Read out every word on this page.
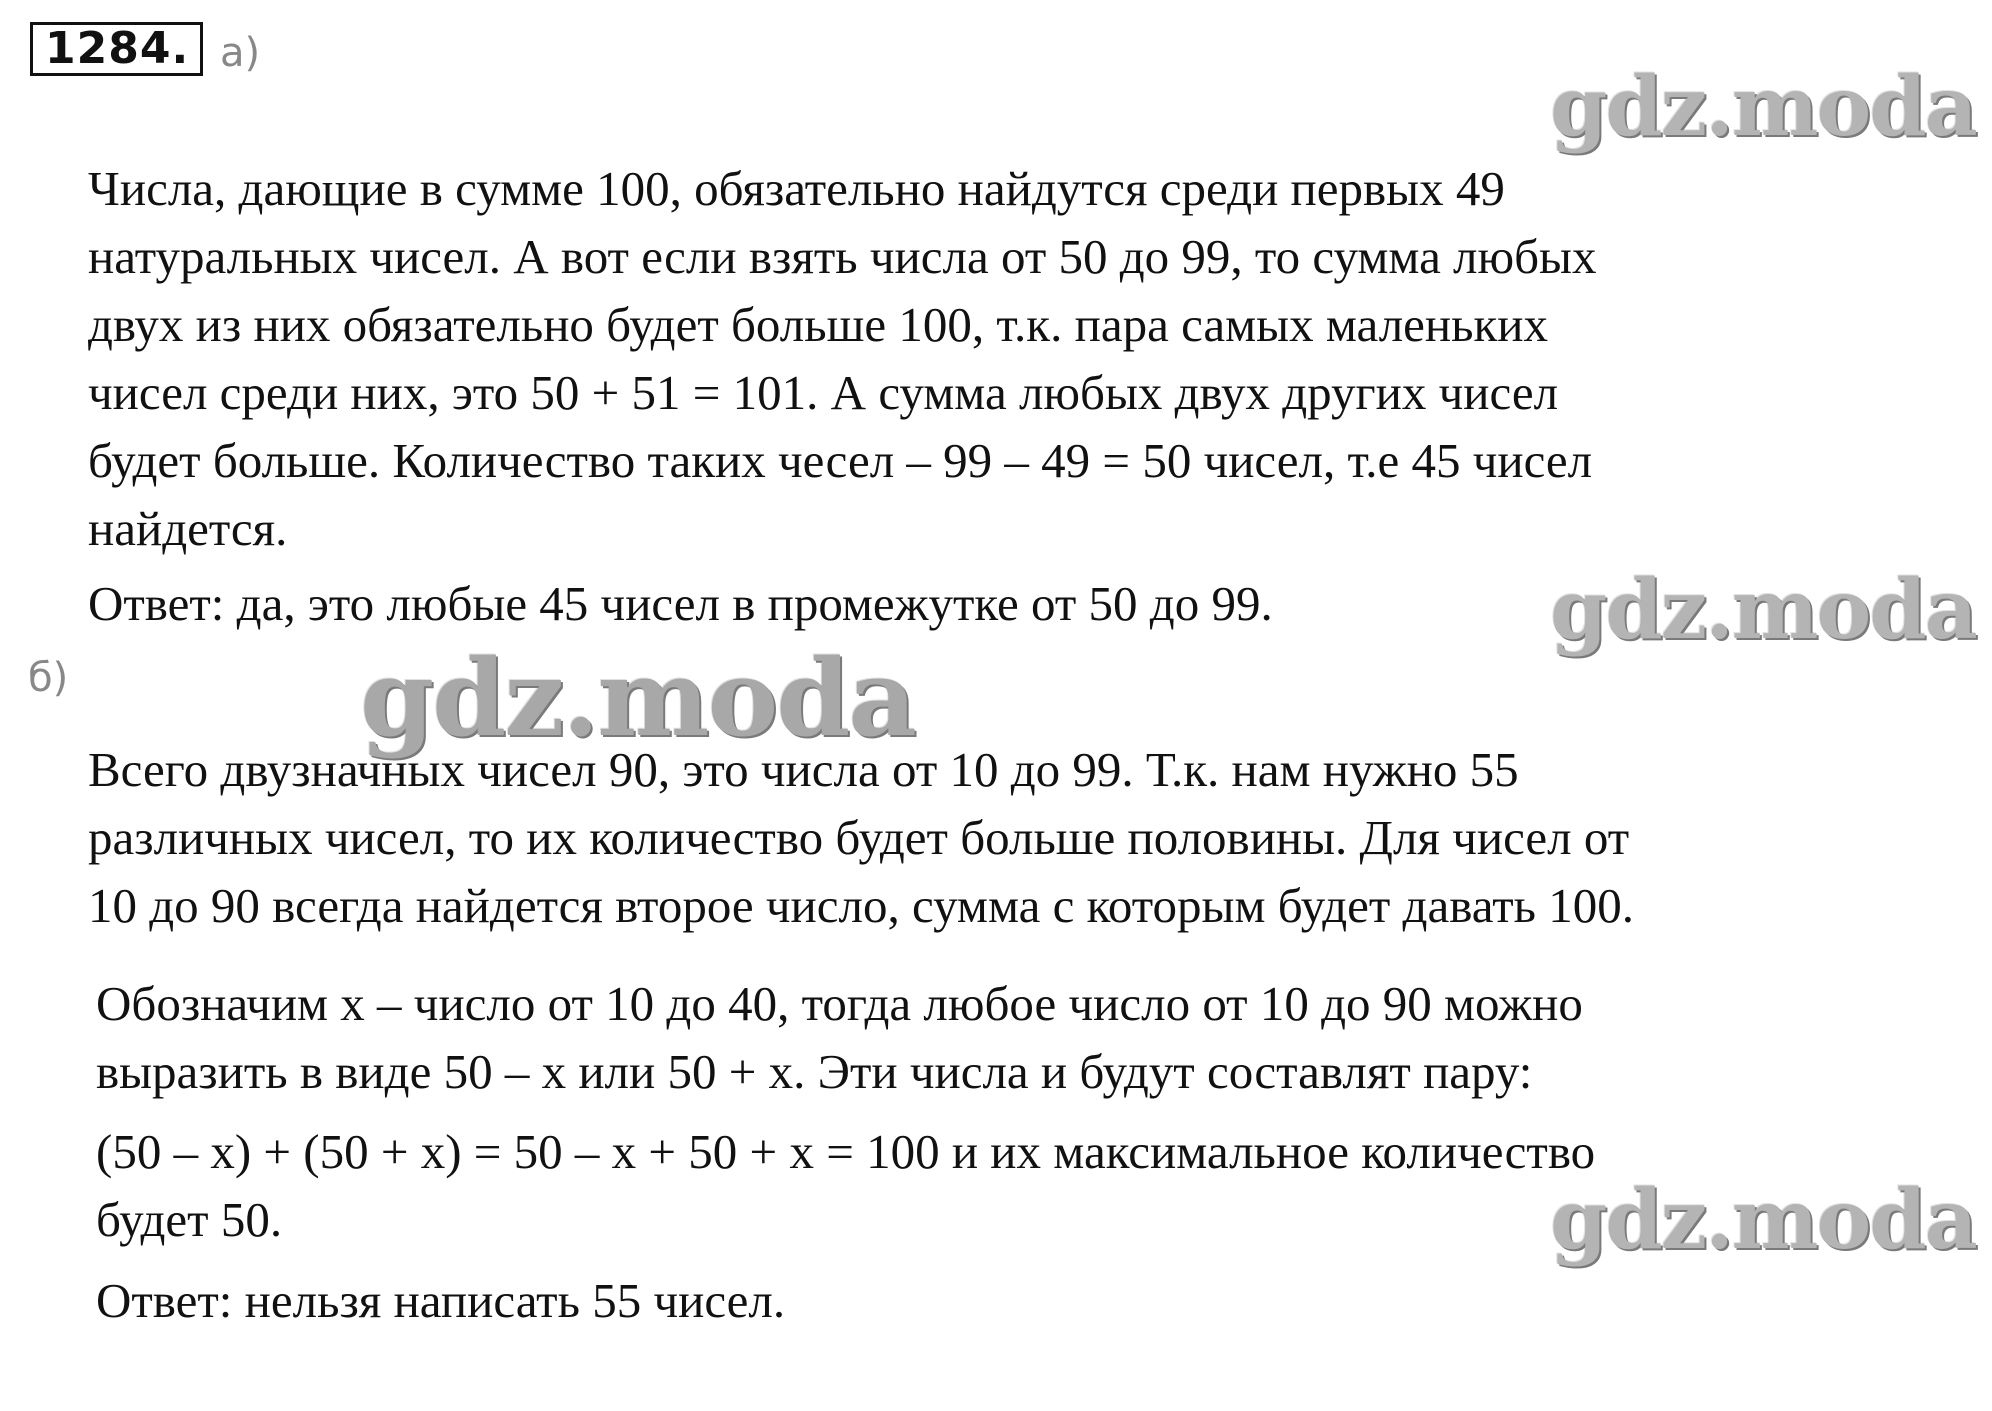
1284. а)
gdz.moda
Числа, дающие в сумме 100, обязательно найдутся среди первых 49
натуральных чисел. А вот если взять числа от 50 до 99, то сумма любых
двух из них обязательно будет больше 100, т.к. пара самых маленьких
чисел среди них, это 50 + 51 = 101. А сумма любых двух других чисел
будет больше. Количество таких чесел – 99 – 49 = 50 чисел, т.е 45 чисел
найдется.
Ответ: да, это любые 45 чисел в промежутке от 50 до 99.	gdz.moda
б)	gdz.moda
Всего двузначных чисел 90, это числа от 10 до 99. Т.к. нам нужно 55
различных чисел, то их количество будет больше половины. Для чисел от
10 до 90 всегда найдется второе число, сумма с которым будет давать 100.
Обозначим x – число от 10 до 40, тогда любое число от 10 до 90 можно
выразить в виде 50 – x или 50 + x. Эти числа и будут составлят пару:
(50 – x) + (50 + x) = 50 – x + 50 + x = 100 и их максимальное количество
будет 50.	gdz.moda
Ответ: нельзя написать 55 чисел.
